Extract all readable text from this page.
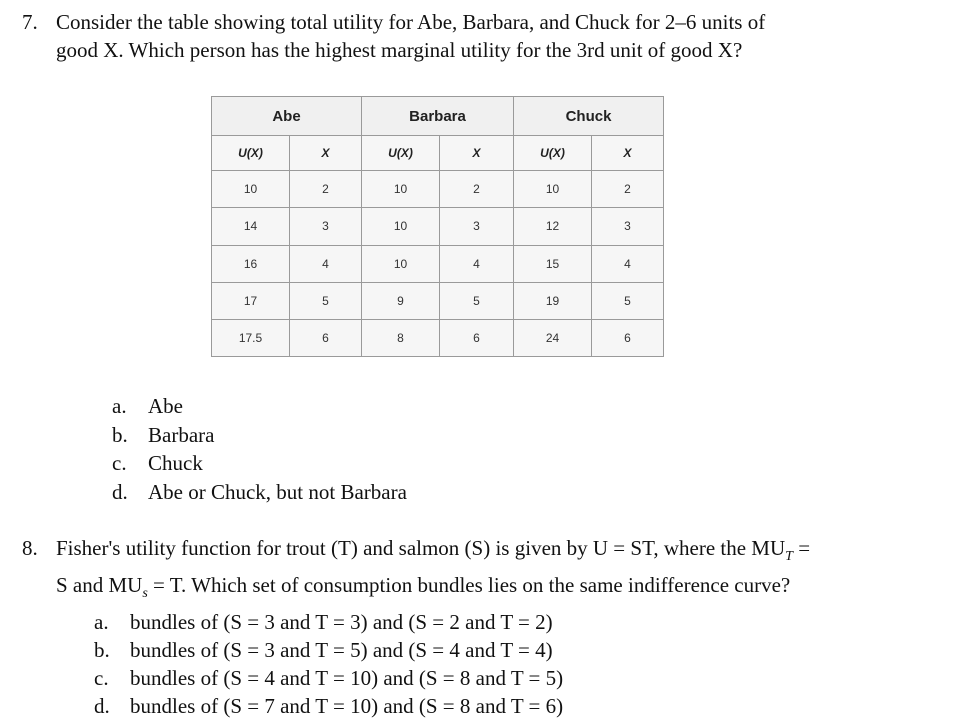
7. Consider the table showing total utility for Abe, Barbara, and Chuck for 2–6 units of
good X. Which person has the highest marginal utility for the 3rd unit of good X?
Abe		Barbara		Chuck	
U(X)	X	U(X)	X	U(X)	X
10	2	10	2	10	2
14	3	10	3	12	3
16	4	10	4	15	4
17	5	9	5	19	5
17.5	6	8	6	24	6
a. Abe
b. Barbara
c. Chuck
d. Abe or Chuck, but not Barbara
8. Fisher's utility function for trout (T) and salmon (S) is given by U = ST, where the $MU_T$ =
S and $MU_s = T$. Which set of consumption bundles lies on the same indifference curve?
a. bundles of (S = 3 and T = 3) and (S = 2 and T = 2)
b. bundles of (S = 3 and T = 5) and (S = 4 and T = 4)
c. bundles of (S = 4 and T = 10) and (S = 8 and T = 5)
d. bundles of (S = 7 and T = 10) and (S = 8 and T = 6)
